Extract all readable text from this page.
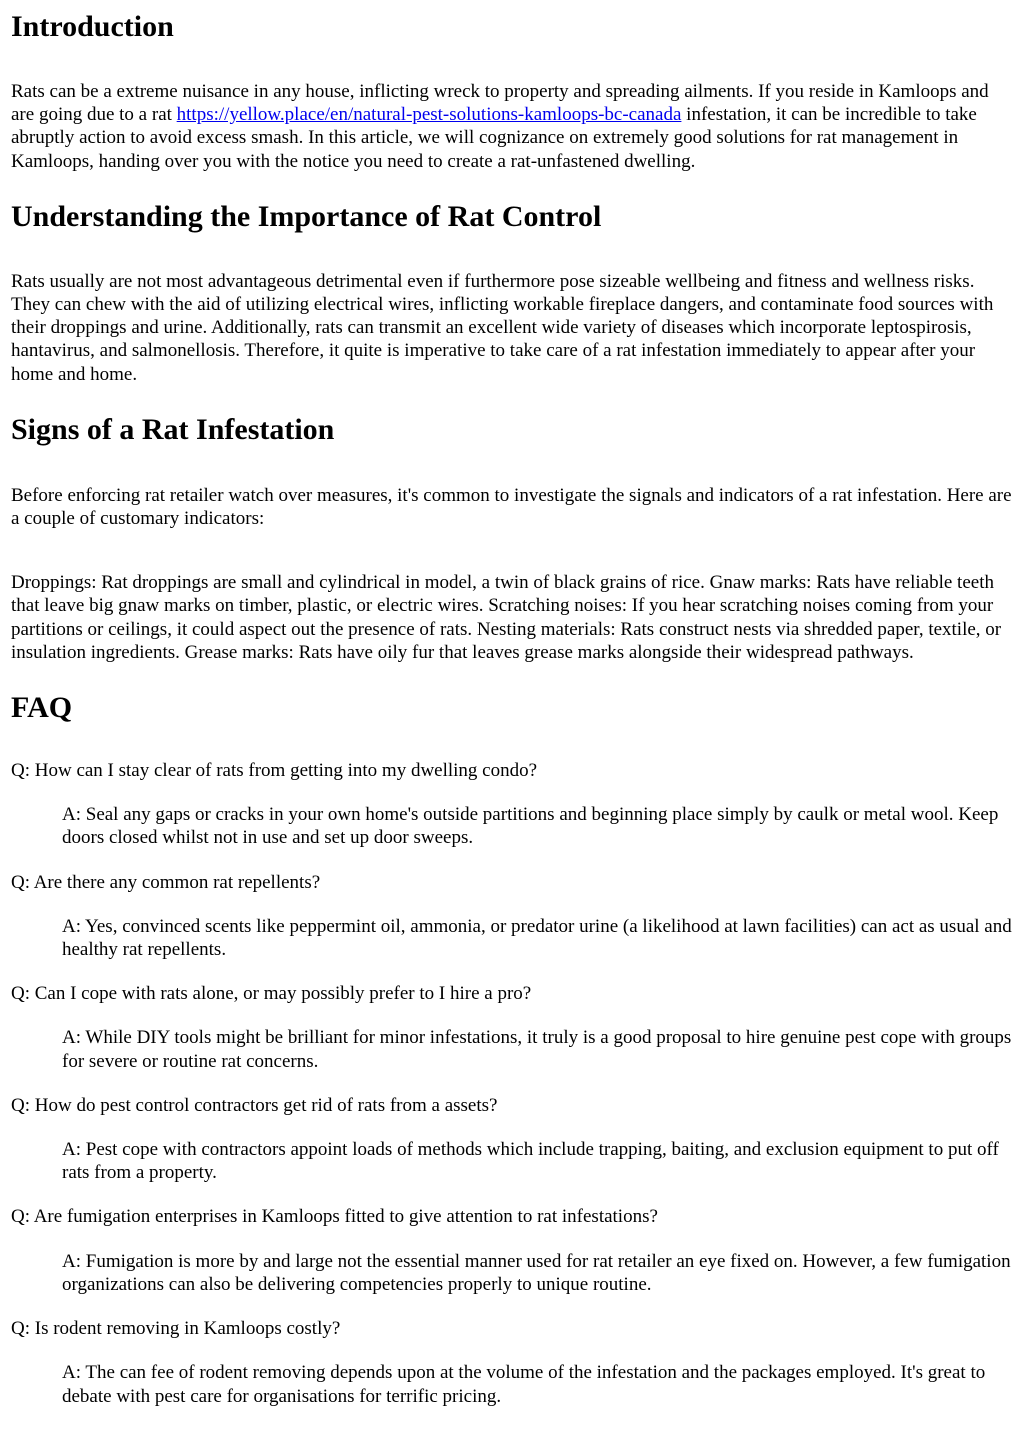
Introduction

Rats can be a extreme nuisance in any house, inflicting wreck to property and spreading ailments. If you reside in Kamloops and are going due to a rat https://yellow.place/en/natural-pest-solutions-kamloops-bc-canada infestation, it can be incredible to take abruptly action to avoid excess smash. In this article, we will cognizance on extremely good solutions for rat management in Kamloops, handing over you with the notice you need to create a rat-unfastened dwelling.

Understanding the Importance of Rat Control

Rats usually are not most advantageous detrimental even if furthermore pose sizeable wellbeing and fitness and wellness risks. They can chew with the aid of utilizing electrical wires, inflicting workable fireplace dangers, and contaminate food sources with their droppings and urine. Additionally, rats can transmit an excellent wide variety of diseases which incorporate leptospirosis, hantavirus, and salmonellosis. Therefore, it quite is imperative to take care of a rat infestation immediately to appear after your home and home.

Signs of a Rat Infestation

Before enforcing rat retailer watch over measures, it's common to investigate the signals and indicators of a rat infestation. Here are a couple of customary indicators:

Droppings: Rat droppings are small and cylindrical in model, a twin of black grains of rice. Gnaw marks: Rats have reliable teeth that leave big gnaw marks on timber, plastic, or electric wires. Scratching noises: If you hear scratching noises coming from your partitions or ceilings, it could aspect out the presence of rats. Nesting materials: Rats construct nests via shredded paper, textile, or insulation ingredients. Grease marks: Rats have oily fur that leaves grease marks alongside their widespread pathways.

FAQ

Q: How can I stay clear of rats from getting into my dwelling condo?

A: Seal any gaps or cracks in your own home's outside partitions and beginning place simply by caulk or metal wool. Keep doors closed whilst not in use and set up door sweeps.

Q: Are there any common rat repellents?

A: Yes, convinced scents like peppermint oil, ammonia, or predator urine (a likelihood at lawn facilities) can act as usual and healthy rat repellents.

Q: Can I cope with rats alone, or may possibly prefer to I hire a pro?

A: While DIY tools might be brilliant for minor infestations, it truly is a good proposal to hire genuine pest cope with groups for severe or routine rat concerns.

Q: How do pest control contractors get rid of rats from a assets?

A: Pest cope with contractors appoint loads of methods which include trapping, baiting, and exclusion equipment to put off rats from a property.

Q: Are fumigation enterprises in Kamloops fitted to give attention to rat infestations?

A: Fumigation is more by and large not the essential manner used for rat retailer an eye fixed on. However, a few fumigation organizations can also be delivering competencies properly to unique routine.

Q: Is rodent removing in Kamloops costly?

A: The can fee of rodent removing depends upon at the volume of the infestation and the packages employed. It's great to debate with pest care for organisations for terrific pricing.
